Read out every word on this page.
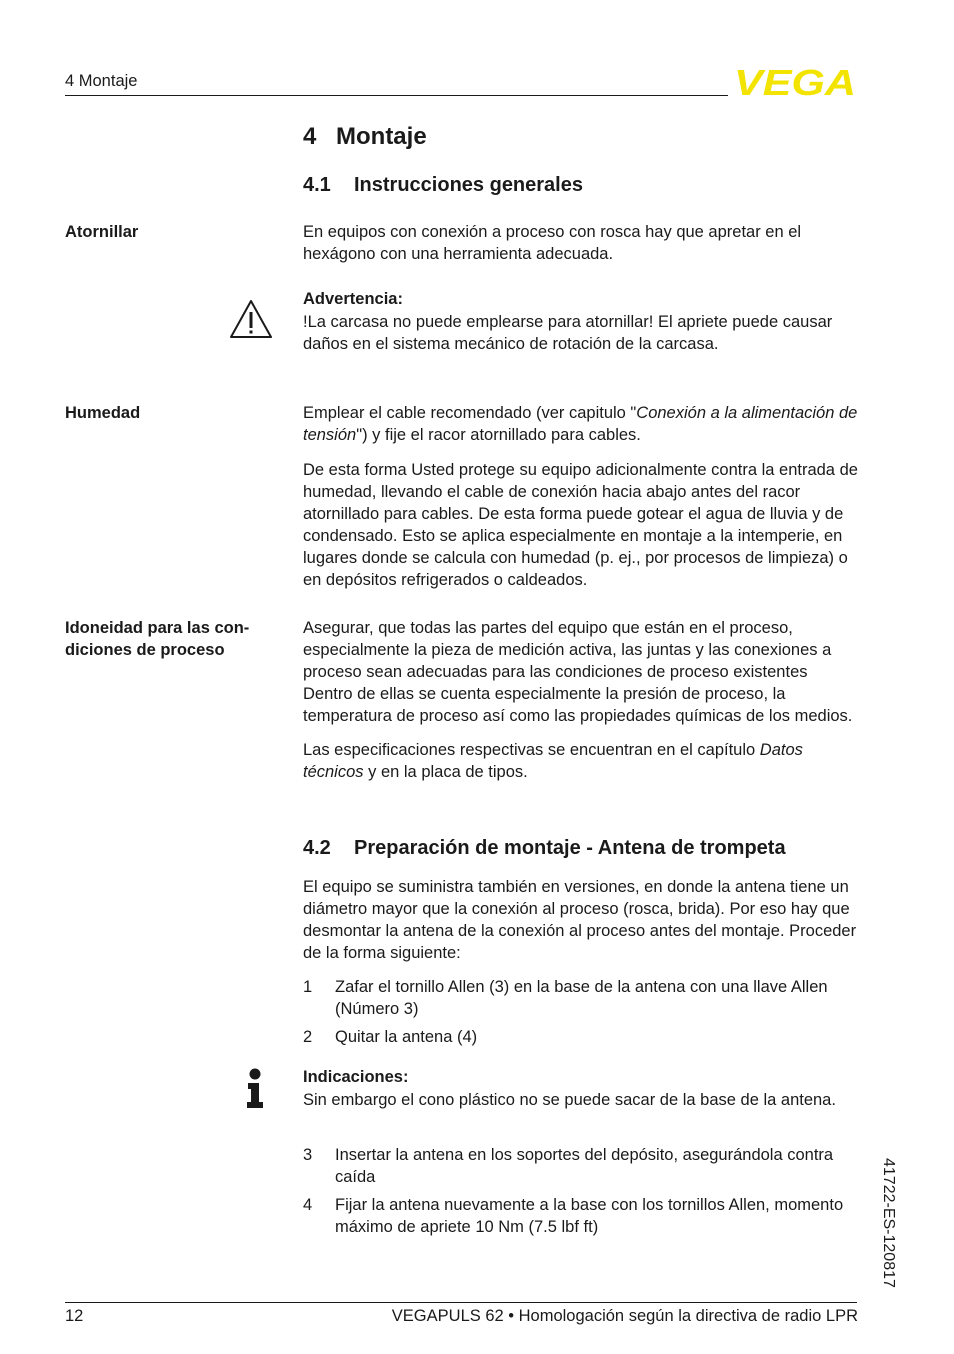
4 Montaje	VEGA
4 Montaje
4.1 Instrucciones generales
Atornillar	En equipos con conexión a proceso con rosca hay que apretar en el hexágono con una herramienta adecuada.

Advertencia:

!La carcasa no puede emplearse para atornillar! El apriete puede causar daños en el sistema mecánico de rotación de la carcasa.

Humedad	Emplear el cable recomendado (ver capitulo "Conexión a la alimentación de tensión") y fije el racor atornillado para cables.

De esta forma Usted protege su equipo adicionalmente contra la entrada de humedad, llevando el cable de conexión hacia abajo antes del racor atornillado para cables. De esta forma puede gotear el agua de lluvia y de condensado. Esto se aplica especialmente en montaje a la intemperie, en lugares donde se calcula con humedad (p. ej., por procesos de limpieza) o en depósitos refrigerados o caldeados.

Idoneidad para las con-
diciones de proceso

Asegurar, que todas las partes del equipo que están en el proceso, especialmente la pieza de medición activa, las juntas y las conexiones a proceso sean adecuadas para las condiciones de proceso existentes Dentro de ellas se cuenta especialmente la presión de proceso, la temperatura de proceso así como las propiedades químicas de los medios.

Las especificaciones respectivas se encuentran en el capítulo Datos técnicos y en la placa de tipos.

4.2 Preparación de montaje - Antena de trompeta

El equipo se suministra también en versiones, en donde la antena tiene un diámetro mayor que la conexión al proceso (rosca, brida). Por eso hay que desmontar la antena de la conexión al proceso antes del montaje. Proceder de la forma siguiente:

1	Zafar el tornillo Allen (3) en la base de la antena con una llave Allen (Número 3)
2	Quitar la antena (4)

Indicaciones:

Sin embargo el cono plástico no se puede sacar de la base de la antena.

3	Insertar la antena en los soportes del depósito, asegurándola contra caída
4	Fijar la antena nuevamente a la base con los tornillos Allen, momento máximo de apriete 10 Nm (7.5 lbf ft)	41722-ES-120817
12	VEGAPULS 62 • Homologación según la directiva de radio LPR
